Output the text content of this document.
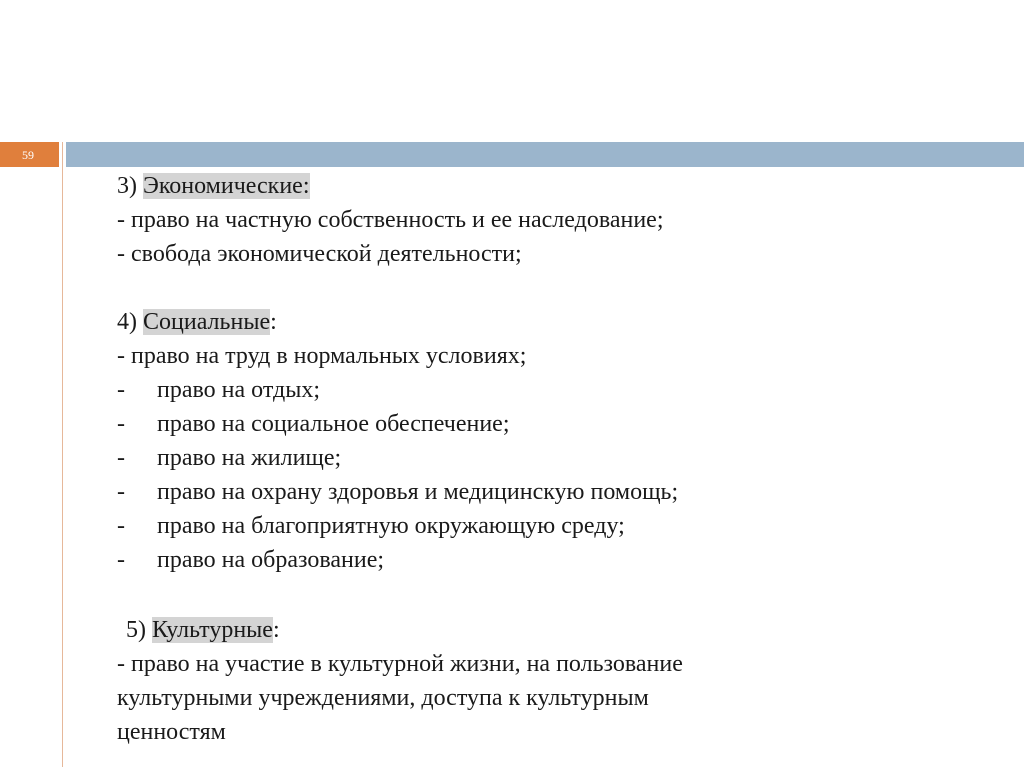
59
3) Экономические:
- право на частную собственность и ее наследование;
- свобода экономической деятельности;
4) Социальные:
- право на труд в нормальных условиях;
- право на отдых;
- право на социальное обеспечение;
- право на жилище;
- право на охрану здоровья и медицинскую помощь;
- право на благоприятную окружающую среду;
- право на образование;
5) Культурные:
- право на участие в культурной жизни, на пользование
культурными учреждениями, доступа к культурным
ценностям
